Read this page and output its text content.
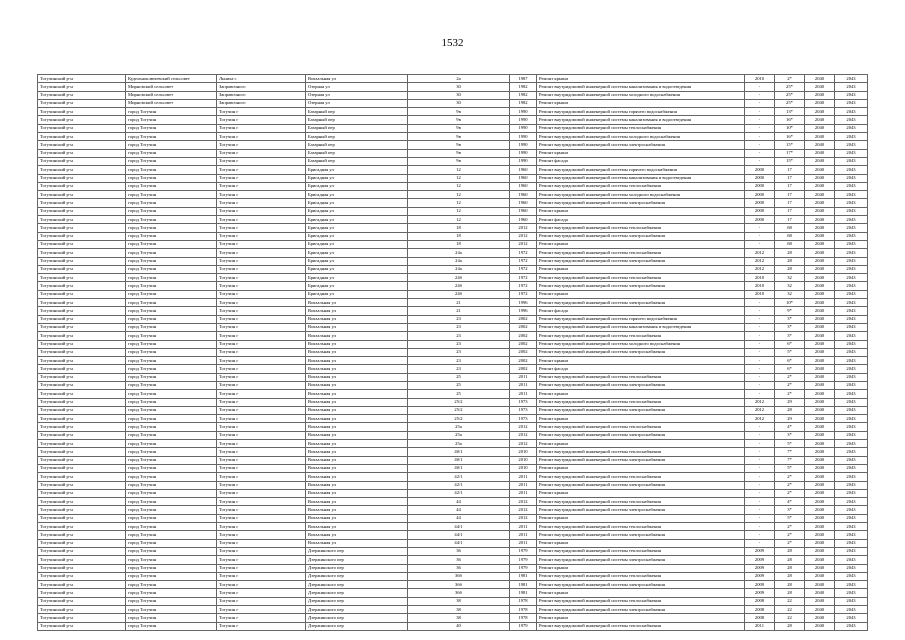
1532
Тогучинский р-н	Кудельноключевский сельсовет	Льниха с	Вокзальная ул	2а	1987	Ремонт крыши	2010	2*	2040	2043
Тогучинский р-н	Мирновский сельсовет	Заправочного	Озерная ул	30	1982	Ремонт внутридомовой инженерной системы канализования и водоотведения	-	25*	2040	2043
Тогучинский р-н	Мирновский сельсовет	Заправочного	Озерная ул	30	1982	Ремонт внутридомовой инженерной системы холодного водоснабжения	-	25*	2040	2043
Тогучинский р-н	Мирновский сельсовет	Заправочного	Озерная ул	30	1982	Ремонт крыши	-	25*	2040	2043
Тогучинский р-н	город Тогучин	Тогучин г	Базарный пер	9в	1990	Ремонт внутридомовой инженерной системы горячего водоснабжения	-	13*	2040	2043
Тогучинский р-н	город Тогучин	Тогучин г	Базарный пер	9в	1990	Ремонт внутридомовой инженерной системы канализования и водоотведения	-	16*	2040	2043
Тогучинский р-н	город Тогучин	Тогучин г	Базарный пер	9в	1990	Ремонт внутридомовой инженерной системы теплоснабжения	-	10*	2040	2043
Тогучинский р-н	город Тогучин	Тогучин г	Базарный пер	9в	1990	Ремонт внутридомовой инженерной системы холодного водоснабжения	-	16*	2040	2043
Тогучинский р-н	город Тогучин	Тогучин г	Базарный пер	9в	1990	Ремонт внутридомовой инженерной системы электроснабжения	-	15*	2040	2043
Тогучинский р-н	город Тогучин	Тогучин г	Базарный пер	9в	1990	Ремонт крыши	-	17*	2040	2043
Тогучинский р-н	город Тогучин	Тогучин г	Базарный пер	9в	1990	Ремонт фасада	-	15*	2040	2043
Тогучинский р-н	город Тогучин	Тогучин г	Бригадная ул	12	1960	Ремонт внутридомовой инженерной системы горячего водоснабжения	2000	17	2040	2043
Тогучинский р-н	город Тогучин	Тогучин г	Бригадная ул	12	1960	Ремонт внутридомовой инженерной системы канализования и водоотведения	2000	17	2040	2043
Тогучинский р-н	город Тогучин	Тогучин г	Бригадная ул	12	1960	Ремонт внутридомовой инженерной системы теплоснабжения	2000	17	2040	2043
Тогучинский р-н	город Тогучин	Тогучин г	Бригадная ул	12	1960	Ремонт внутридомовой инженерной системы холодного водоснабжения	2000	17	2040	2043
Тогучинский р-н	город Тогучин	Тогучин г	Бригадная ул	12	1960	Ремонт внутридомовой инженерной системы электроснабжения	2000	17	2040	2043
Тогучинский р-н	город Тогучин	Тогучин г	Бригадная ул	12	1960	Ремонт крыши	2000	17	2040	2043
Тогучинский р-н	город Тогучин	Тогучин г	Бригадная ул	12	1960	Ремонт фасада	2000	17	2040	2043
Тогучинский р-н	город Тогучин	Тогучин г	Бригадная ул	18	2012	Ремонт внутридомовой инженерной системы теплоснабжения	-	68	2040	2043
Тогучинский р-н	город Тогучин	Тогучин г	Бригадная ул	18	2012	Ремонт внутридомовой инженерной системы электроснабжения	-	68	2040	2043
Тогучинский р-н	город Тогучин	Тогучин г	Бригадная ул	18	2012	Ремонт крыши	-	68	2040	2043
Тогучинский р-н	город Тогучин	Тогучин г	Бригадная ул	24а	1972	Ремонт внутридомовой инженерной системы теплоснабжения	2012	28	2040	2043
Тогучинский р-н	город Тогучин	Тогучин г	Бригадная ул	24а	1972	Ремонт внутридомовой инженерной системы электроснабжения	2012	28	2040	2043
Тогучинский р-н	город Тогучин	Тогучин г	Бригадная ул	24а	1972	Ремонт крыши	2012	28	2040	2043
Тогучинский р-н	город Тогучин	Тогучин г	Бригадная ул	24б	1972	Ремонт внутридомовой инженерной системы теплоснабжения	2010	32	2040	2043
Тогучинский р-н	город Тогучин	Тогучин г	Бригадная ул	24б	1972	Ремонт внутридомовой инженерной системы электроснабжения	2010	32	2040	2043
Тогучинский р-н	город Тогучин	Тогучин г	Бригадная ул	24б	1972	Ремонт крыши	2010	32	2040	2043
Тогучинский р-н	город Тогучин	Тогучин г	Вокзальная ул	21	1996	Ремонт внутридомовой инженерной системы электроснабжения	-	10*	2040	2043
Тогучинский р-н	город Тогучин	Тогучин г	Вокзальная ул	21	1996	Ремонт фасада	-	9*	2040	2043
Тогучинский р-н	город Тогучин	Тогучин г	Вокзальная ул	23	2002	Ремонт внутридомовой инженерной системы горячего водоснабжения	-	3*	2040	2043
Тогучинский р-н	город Тогучин	Тогучин г	Вокзальная ул	23	2002	Ремонт внутридомовой инженерной системы канализования и водоотведения	-	3*	2040	2043
Тогучинский р-н	город Тогучин	Тогучин г	Вокзальная ул	23	2002	Ремонт внутридомовой инженерной системы теплоснабжения	-	3*	2040	2043
Тогучинский р-н	город Тогучин	Тогучин г	Вокзальная ул	23	2002	Ремонт внутридомовой инженерной системы холодного водоснабжения	-	6*	2040	2043
Тогучинский р-н	город Тогучин	Тогучин г	Вокзальная ул	23	2002	Ремонт внутридомовой инженерной системы электроснабжения	-	5*	2040	2043
Тогучинский р-н	город Тогучин	Тогучин г	Вокзальная ул	23	2002	Ремонт крыши	-	6*	2040	2043
Тогучинский р-н	город Тогучин	Тогучин г	Вокзальная ул	23	2002	Ремонт фасада	-	6*	2040	2043
Тогучинский р-н	город Тогучин	Тогучин г	Вокзальная ул	25	2011	Ремонт внутридомовой инженерной системы теплоснабжения	-	2*	2040	2043
Тогучинский р-н	город Тогучин	Тогучин г	Вокзальная ул	25	2011	Ремонт внутридомовой инженерной системы электроснабжения	-	2*	2040	2043
Тогучинский р-н	город Тогучин	Тогучин г	Вокзальная ул	25	2011	Ремонт крыши	-	2*	2040	2043
Тогучинский р-н	город Тогучин	Тогучин г	Вокзальная ул	25/2	1973	Ремонт внутридомовой инженерной системы теплоснабжения	2012	29	2040	2043
Тогучинский р-н	город Тогучин	Тогучин г	Вокзальная ул	25/2	1973	Ремонт внутридомовой инженерной системы электроснабжения	2012	28	2040	2043
Тогучинский р-н	город Тогучин	Тогучин г	Вокзальная ул	25/2	1973	Ремонт крыши	2012	29	2040	2043
Тогучинский р-н	город Тогучин	Тогучин г	Вокзальная ул	25а	2012	Ремонт внутридомовой инженерной системы теплоснабжения	-	4*	2040	2043
Тогучинский р-н	город Тогучин	Тогучин г	Вокзальная ул	25а	2012	Ремонт внутридомовой инженерной системы электроснабжения	-	3*	2040	2043
Тогучинский р-н	город Тогучин	Тогучин г	Вокзальная ул	25а	2012	Ремонт крыши	-	5*	2040	2043
Тогучинский р-н	город Тогучин	Тогучин г	Вокзальная ул	40/1	2010	Ремонт внутридомовой инженерной системы теплоснабжения	-	7*	2040	2043
Тогучинский р-н	город Тогучин	Тогучин г	Вокзальная ул	40/1	2010	Ремонт внутридомовой инженерной системы электроснабжения	-	7*	2040	2043
Тогучинский р-н	город Тогучин	Тогучин г	Вокзальная ул	40/1	2010	Ремонт крыши	-	5*	2040	2043
Тогучинский р-н	город Тогучин	Тогучин г	Вокзальная ул	42/1	2011	Ремонт внутридомовой инженерной системы теплоснабжения	-	2*	2040	2043
Тогучинский р-н	город Тогучин	Тогучин г	Вокзальная ул	42/1	2011	Ремонт внутридомовой инженерной системы электроснабжения	-	2*	2040	2043
Тогучинский р-н	город Тогучин	Тогучин г	Вокзальная ул	42/1	2011	Ремонт крыши	-	2*	2040	2043
Тогучинский р-н	город Тогучин	Тогучин г	Вокзальная ул	44	2012	Ремонт внутридомовой инженерной системы теплоснабжения	-	4*	2040	2043
Тогучинский р-н	город Тогучин	Тогучин г	Вокзальная ул	44	2012	Ремонт внутридомовой инженерной системы электроснабжения	-	3*	2040	2043
Тогучинский р-н	город Тогучин	Тогучин г	Вокзальная ул	44	2012	Ремонт крыши	-	5*	2040	2043
Тогучинский р-н	город Тогучин	Тогучин г	Вокзальная ул	44/1	2011	Ремонт внутридомовой инженерной системы теплоснабжения	-	2*	2040	2043
Тогучинский р-н	город Тогучин	Тогучин г	Вокзальная ул	44/1	2011	Ремонт внутридомовой инженерной системы электроснабжения	-	2*	2040	2043
Тогучинский р-н	город Тогучин	Тогучин г	Вокзальная ул	44/1	2011	Ремонт крыши	-	2*	2040	2043
Тогучинский р-н	город Тогучин	Тогучин г	Дзержинского пер	36	1979	Ремонт внутридомовой инженерной системы теплоснабжения	2009	28	2040	2043
Тогучинский р-н	город Тогучин	Тогучин г	Дзержинского пер	36	1979	Ремонт внутридомовой инженерной системы электроснабжения	2009	28	2040	2043
Тогучинский р-н	город Тогучин	Тогучин г	Дзержинского пер	36	1979	Ремонт крыши	2009	28	2040	2043
Тогучинский р-н	город Тогучин	Тогучин г	Дзержинского пер	36б	1981	Ремонт внутридомовой инженерной системы теплоснабжения	2009	28	2040	2043
Тогучинский р-н	город Тогучин	Тогучин г	Дзержинского пер	36б	1981	Ремонт внутридомовой инженерной системы электроснабжения	2009	28	2040	2043
Тогучинский р-н	город Тогучин	Тогучин г	Дзержинского пер	36б	1981	Ремонт крыши	2009	28	2040	2043
Тогучинский р-н	город Тогучин	Тогучин г	Дзержинского пер	38	1978	Ремонт внутридомовой инженерной системы теплоснабжения	2008	22	2040	2043
Тогучинский р-н	город Тогучин	Тогучин г	Дзержинского пер	38	1978	Ремонт внутридомовой инженерной системы электроснабжения	2008	22	2040	2043
Тогучинский р-н	город Тогучин	Тогучин г	Дзержинского пер	38	1978	Ремонт крыши	2008	22	2040	2043
Тогучинский р-н	город Тогучин	Тогучин г	Дзержинского пер	40	1979	Ремонт внутридомовой инженерной системы теплоснабжения	2011	28	2040	2043
